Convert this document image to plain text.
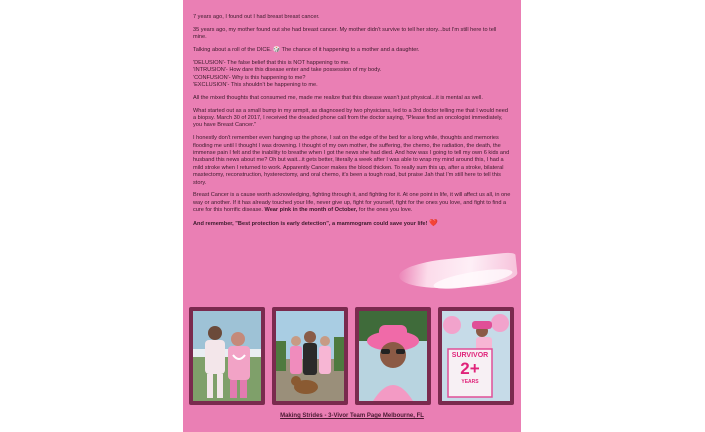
7 years ago, I found out I had breast breast cancer.

35 years ago, my mother found out she had breast cancer. My mother didn't survive to tell her story...but I'm still here to tell mine.

Talking about a roll of the DICE. 🎲 The chance of it happening to a mother and a daughter.

'DELUSION'- The false belief that this is NOT happening to me.
'INTRUSION'- How dare this disease enter and take possession of my body.
'CONFUSION'- Why is this happening to me?
'EXCLUSION'- This shouldn't be happening to me.

All the mixed thoughts that consumed me, made me realize that this disease wasn't just physical...it is mental as well.

What started out as a small bump in my armpit, as diagnosed by two physicians, led to a 3rd doctor telling me that I would need a biopsy. March 30 of 2017, I received the dreaded phone call from the doctor saying, "Please find an oncologist immediately, you have Breast Cancer."

I honestly don't remember even hanging up the phone, I sat on the edge of the bed for a long while, thoughts and memories flooding me until I thought I was drowning. I thought of my own mother, the suffering, the chemo, the radiation, the death, the immense pain I felt and the inability to breathe when I got the news she had died. And how was I going to tell my own 6 kids and husband this news about me? Oh but wait...it gets better, literally a week after I was able to wrap my mind around this, I had a mild stroke when I returned to work. Apparently Cancer makes the blood thicken. To really sum this up, after a stroke, bilateral mastectomy, reconstruction, hysterectomy, and oral chemo, it's been a tough road, but praise Jah that I'm still here to tell this story.

Breast Cancer is a cause worth acknowledging, fighting through it, and fighting for it. At one point in life, it will affect us all, in one way or another. If it has already touched your life, never give up, fight for yourself, fight for the ones you love, and fight to find a cure for this horrific disease. Wear pink in the month of October, for the ones you love.

And remember, "Best protection is early detection", a mammogram could save your life! ❤️

SURVIVOR
2+
YEARS
Making Strides - 3-Vivor Team Page Melbourne, FL
